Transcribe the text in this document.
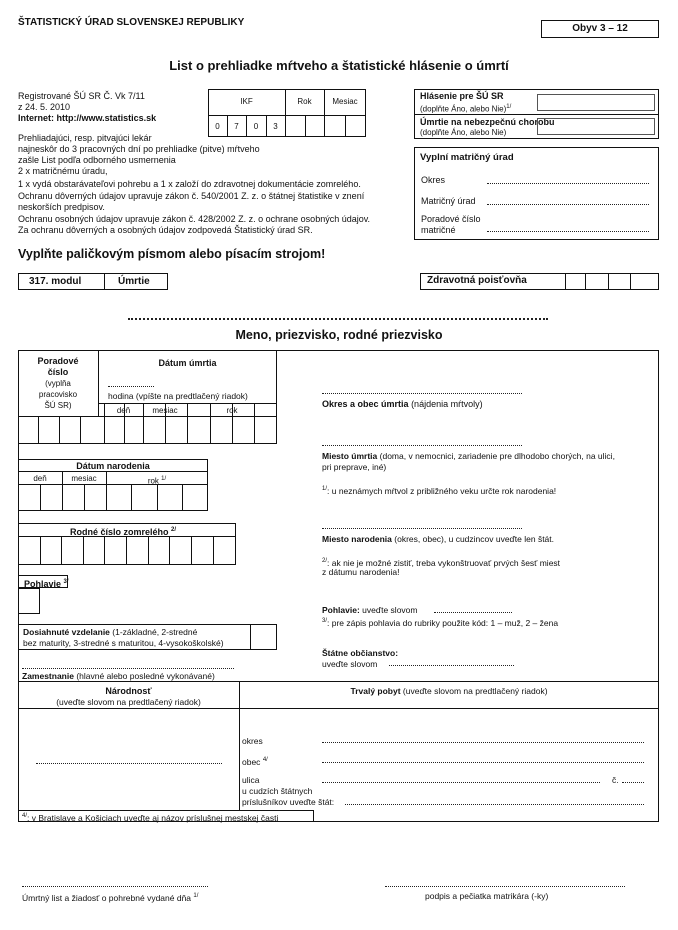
ŠTATISTICKÝ ÚRAD SLOVENSKEJ REPUBLIKY
Obyv 3 – 12
List o prehliadke mŕtveho a štatistické hlásenie o úmrtí
Registrované ŠÚ SR Č. Vk 7/11
z 24. 5. 2010
Internet: http://www.statistics.sk
IKF	Rok	Mesiac
0	7	0	3
Prehliadajúci, resp. pitvajúci lekár
najneskôr do 3 pracovných dní po prehliadke (pitve) mŕtveho
zašle List podľa odborného usmernenia
2 x matričnému úradu,
1 x vydá obstarávateľovi pohrebu a 1 x založí do zdravotnej dokumentácie zomrelého.
Ochranu dôverných údajov upravuje zákon č. 540/2001 Z. z. o štátnej štatistike v znení
neskorších predpisov.
Ochranu osobných údajov upravuje zákon č. 428/2002 Z. z. o ochrane osobných údajov.
Za ochranu dôverných a osobných údajov zodpovedá Štatistický úrad SR.
Hlásenie pre ŠÚ SR
(doplňte Áno, alebo Nie)$^{1/}$
Úmrtie na nebezpečnú chorobu
(doplňte Áno, alebo Nie)
Vyplní matričný úrad
Okres
Matričný úrad
Poradové číslo
matričné
Vyplňte paličkovým písmom alebo písacím strojom!
317. modul	Úmrtie	Zdravotná poisťovňa
Meno, priezvisko, rodné priezvisko
Poradové
číslo
(vyplňa
pracovisko
ŠÚ SR)
Dátum úmrtia
hodina (vpíšte na predtlačený riadok)
deň	mesiac	rok
Dátum narodenia
deň	mesiac	rok $^{1/}$
Rodné číslo zomrelého $^{2/}$
Pohlavie $^{3/}$
Dosiahnuté vzdelanie (1-základné, 2-stredné
bez maturity, 3-stredné s maturitou, 4-vysokoškolské)
Zamestnanie (hlavné alebo posledné vykonávané)
Národnosť
(uveďte slovom na predtlačený riadok)
Okres a obec úmrtia (nájdenia mŕtvoly)
Miesto úmrtia (doma, v nemocnici, zariadenie pre dlhodobo chorých, na ulici,
pri preprave, iné)
$^{1/}$: u neznámych mŕtvol z približného veku určte rok narodenia!
Miesto narodenia (okres, obec), u cudzincov uveďte len štát.
$^{2/}$: ak nie je možné zistiť, treba vykonštruovať prvých šesť miest
z dátumu narodenia!
Pohlavie: uveďte slovom
$^{3/}$: pre zápis pohlavia do rubriky použite kód: 1 – muž, 2 – žena
Štátne občianstvo:
uveďte slovom
Trvalý pobyt (uveďte slovom na predtlačený riadok)
okres
obec $^{4/}$
ulica	č.
u cudzích štátnych
príslušníkov uveďte štát:
$^{4/}$; v Bratislave a Košiciach uveďte aj názov príslušnej mestskej časti
Úmrtný list a žiadosť o pohrebné vydané dňa $^{1/}$	podpis a pečiatka matrikára (-ky)
